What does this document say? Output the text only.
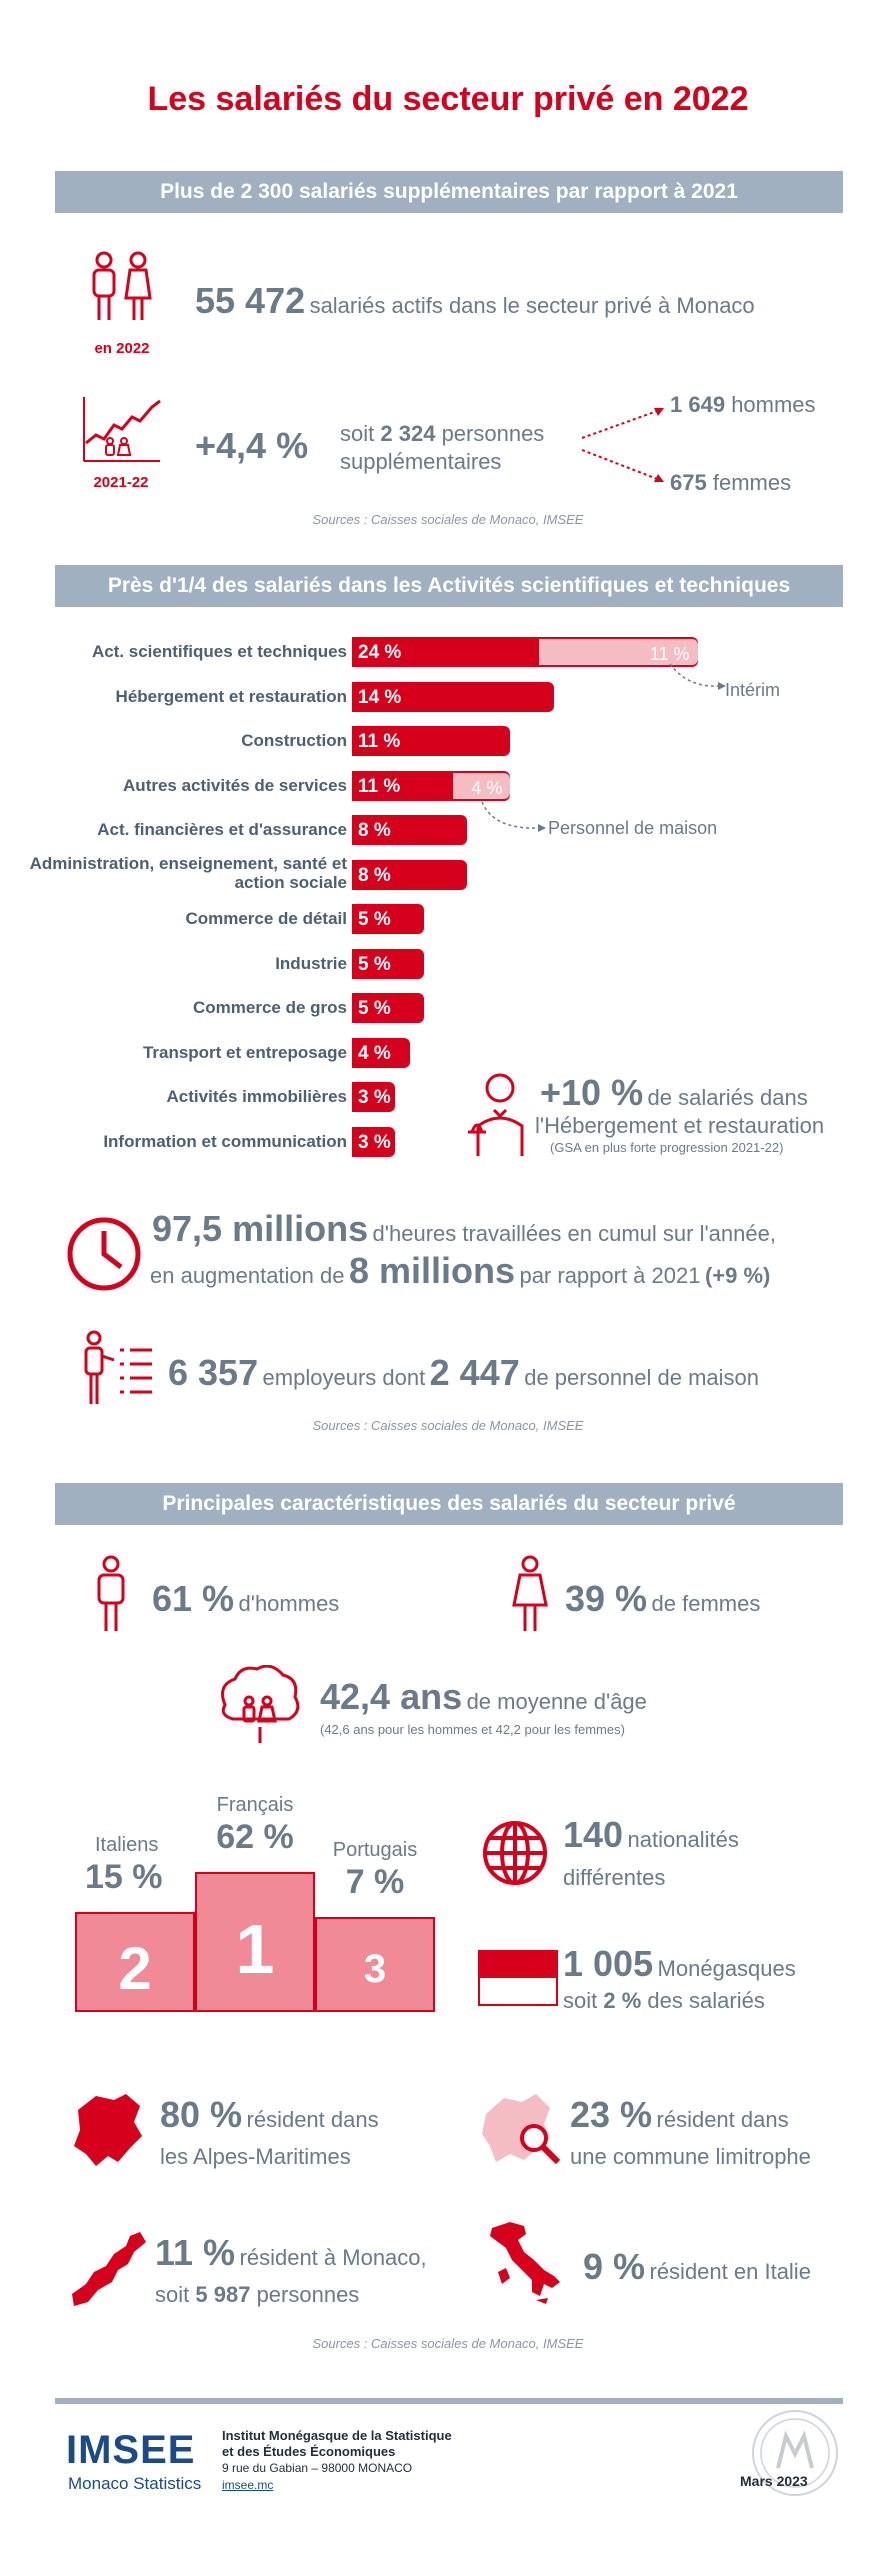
Les salariés du secteur privé en 2022
Plus de 2 300 salariés supplémentaires par rapport à 2021
en 2022
55 472 salariés actifs dans le secteur privé à Monaco
2021-22
+4,4 % soit 2 324 personnes
supplémentaires
1 649 hommes
675 femmes
Sources : Caisses sociales de Monaco, IMSEE
Près d'1/4 des salariés dans les Activités scientifiques et techniques
Act. scientifiques et techniques 24 %	11 %
Hébergement et restauration 14 %
Construction 11 %
Autres activités de services 11 %	4 %
Act. financières et d'assurance 8 %
Administration, enseignement, santé et action sociale 8 %
Commerce de détail 5 %
Industrie 5 %
Commerce de gros 5 %
Transport et entreposage 4 %
Activités immobilières 3 %
Information et communication 3 %
Intérim
Personnel de maison
+10 % de salariés dans
l'Hébergement et restauration
(GSA en plus forte progression 2021-22)
97,5 millions d'heures travaillées en cumul sur l'année,
en augmentation de 8 millions par rapport à 2021 (+9 %)
6 357 employeurs dont 2 447 de personnel de maison
Sources : Caisses sociales de Monaco, IMSEE
Principales caractéristiques des salariés du secteur privé
61 % d'hommes	39 % de femmes
42,4 ans de moyenne d'âge
(42,6 ans pour les hommes et 42,2 pour les femmes)
2
Italiens
15 %
1
Français
62 %
3
Portugais
7 %
140 nationalités
différentes
1 005 Monégasques
soit 2 % des salariés
80 % résident dans
les Alpes-Maritimes
23 % résident dans
une commune limitrophe
11 % résident à Monaco,
soit 5 987 personnes
9 % résident en Italie
Sources : Caisses sociales de Monaco, IMSEE
IMSEE
Monaco Statistics
Institut Monégasque de la Statistique
et des Études Économiques
9 rue du Gabian – 98000 MONACO
imsee.mc	Mars 2023
